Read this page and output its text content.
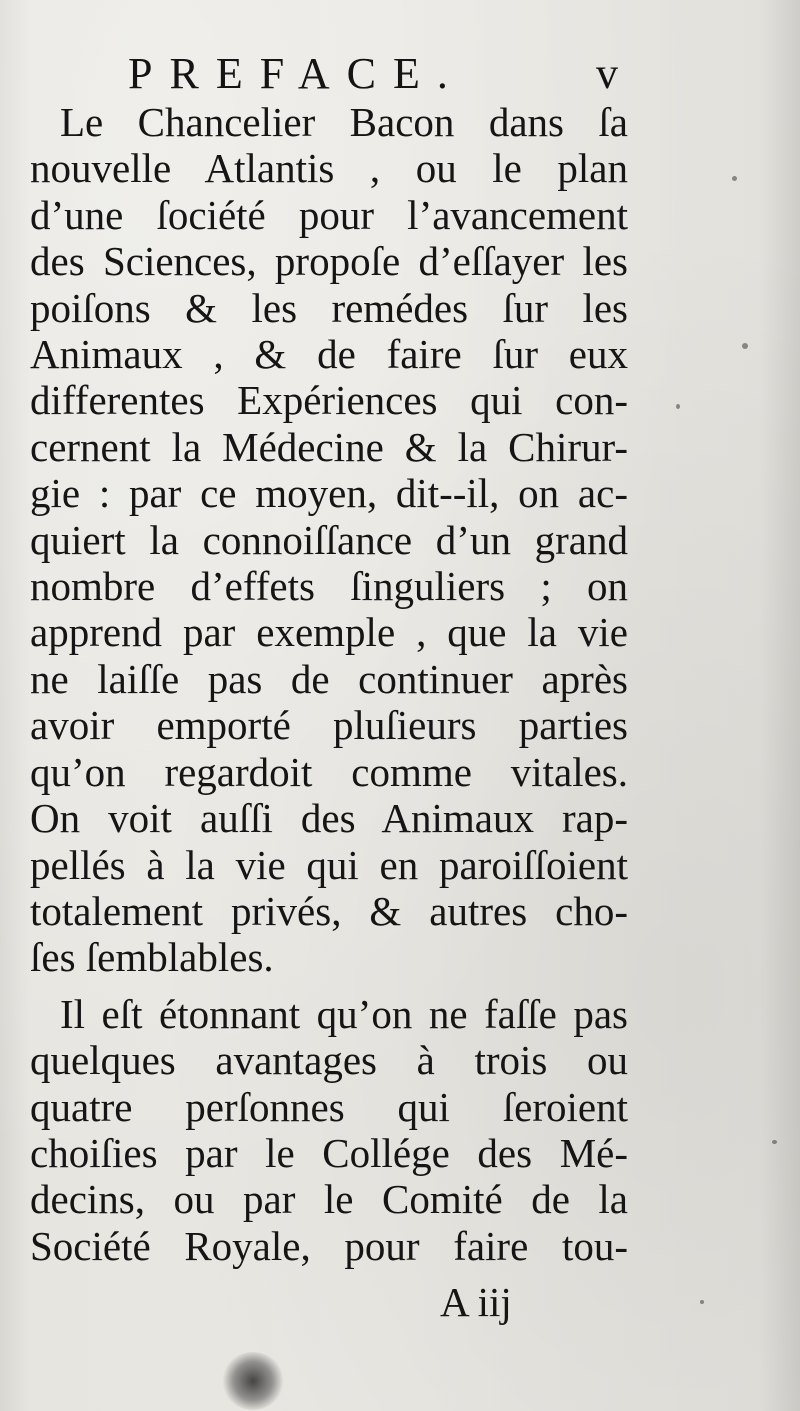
PREFACE.	v
Le Chancelier Bacon dans ſa
nouvelle Atlantis , ou le plan
d’une ſociété pour l’avancement
des Sciences, propoſe d’eſſayer les
poiſons & les remédes ſur les
Animaux , & de faire ſur eux
differentes Expériences qui con-
cernent la Médecine & la Chirur-
gie : par ce moyen, dit--il, on ac-
quiert la connoiſſance d’un grand
nombre d’effets ſinguliers ; on
apprend par exemple , que la vie
ne laiſſe pas de continuer après
avoir emporté pluſieurs parties
qu’on regardoit comme vitales.
On voit auſſi des Animaux rap-
pellés à la vie qui en paroiſſoient
totalement privés, & autres cho-
ſes ſemblables.
Il eſt étonnant qu’on ne faſſe pas
quelques avantages à trois ou
quatre perſonnes qui ſeroient
choiſies par le Collége des Mé-
decins, ou par le Comité de la
Société Royale, pour faire tou-
A iij
